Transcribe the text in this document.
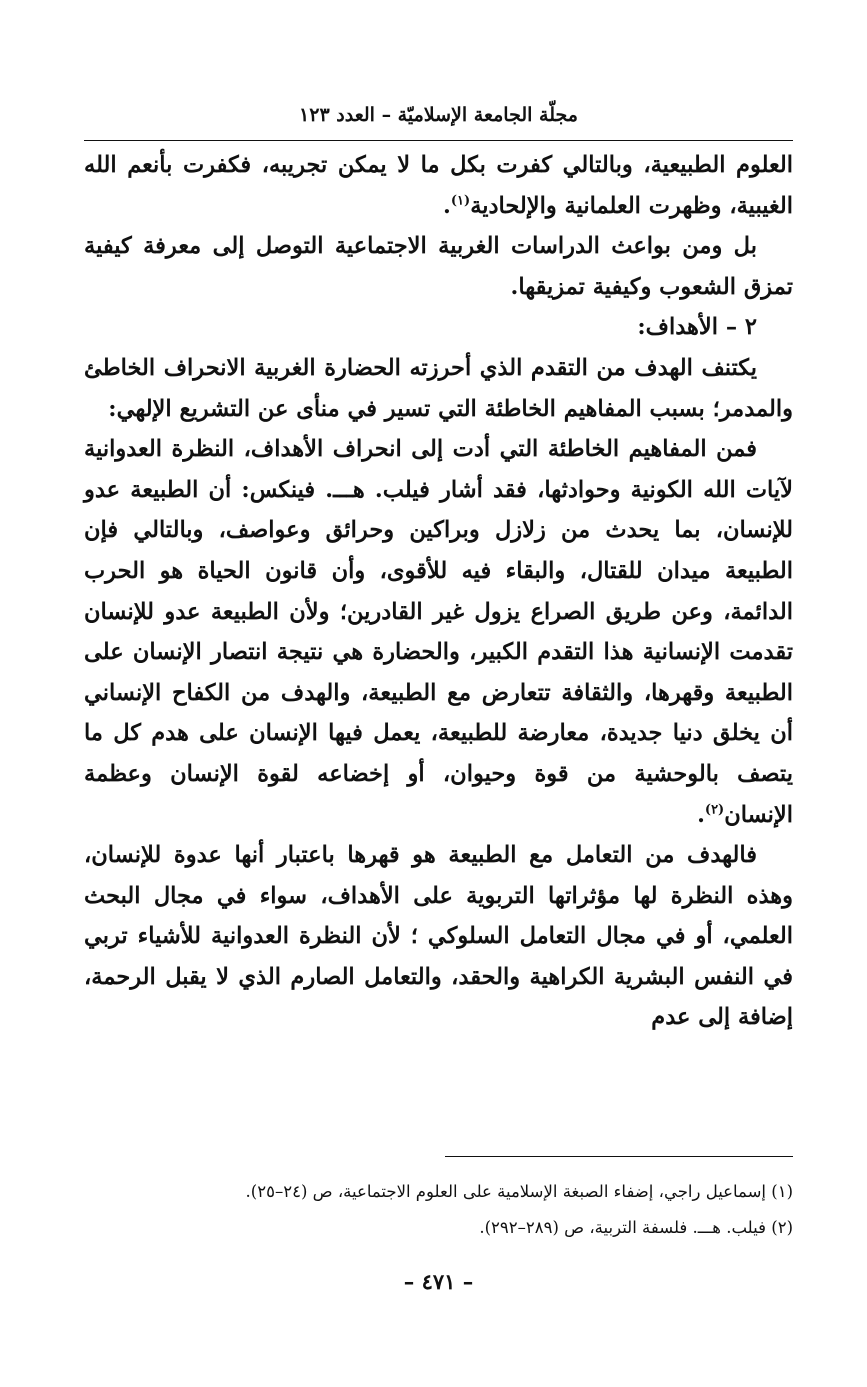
مجلّة الجامعة الإسلاميّة – العدد ١٢٣

العلوم الطبيعية، وبالتالي كفرت بكل ما لا يمكن تجريبه، فكفرت بأنعم الله الغيبية، وظهرت العلمانية والإلحادية$^{(١)}$.

بل ومن بواعث الدراسات الغربية الاجتماعية التوصل إلى معرفة كيفية تمزق الشعوب وكيفية تمزيقها.

٢ – الأهداف:

يكتنف الهدف من التقدم الذي أحرزته الحضارة الغربية الانحراف الخاطئ والمدمر؛ بسبب المفاهيم الخاطئة التي تسير في منأى عن التشريع الإلهي:

فمن المفاهيم الخاطئة التي أدت إلى انحراف الأهداف، النظرة العدوانية لآيات الله الكونية وحوادثها، فقد أشار فيلب. هـــ. فينكس: أن الطبيعة عدو للإنسان، بما يحدث من زلازل وبراكين وحرائق وعواصف، وبالتالي فإن الطبيعة ميدان للقتال، والبقاء فيه للأقوى، وأن قانون الحياة هو الحرب الدائمة، وعن طريق الصراع يزول غير القادرين؛ ولأن الطبيعة عدو للإنسان تقدمت الإنسانية هذا التقدم الكبير، والحضارة هي نتيجة انتصار الإنسان على الطبيعة وقهرها، والثقافة تتعارض مع الطبيعة، والهدف من الكفاح الإنساني أن يخلق دنيا جديدة، معارضة للطبيعة، يعمل فيها الإنسان على هدم كل ما يتصف بالوحشية من قوة وحيوان، أو إخضاعه لقوة الإنسان وعظمة الإنسان$^{(٢)}$.

فالهدف من التعامل مع الطبيعة هو قهرها باعتبار أنها عدوة للإنسان، وهذه النظرة لها مؤثراتها التربوية على الأهداف، سواء في مجال البحث العلمي، أو في مجال التعامل السلوكي ؛ لأن النظرة العدوانية للأشياء تربي في النفس البشرية الكراهية والحقد، والتعامل الصارم الذي لا يقبل الرحمة، إضافة إلى عدم

(١) إسماعيل راجي، إضفاء الصبغة الإسلامية على العلوم الاجتماعية، ص (٢٤–٢٥).

(٢) فيلب. هـــ. فلسفة التربية، ص (٢٨٩–٢٩٢).

– ٤٧١ –
